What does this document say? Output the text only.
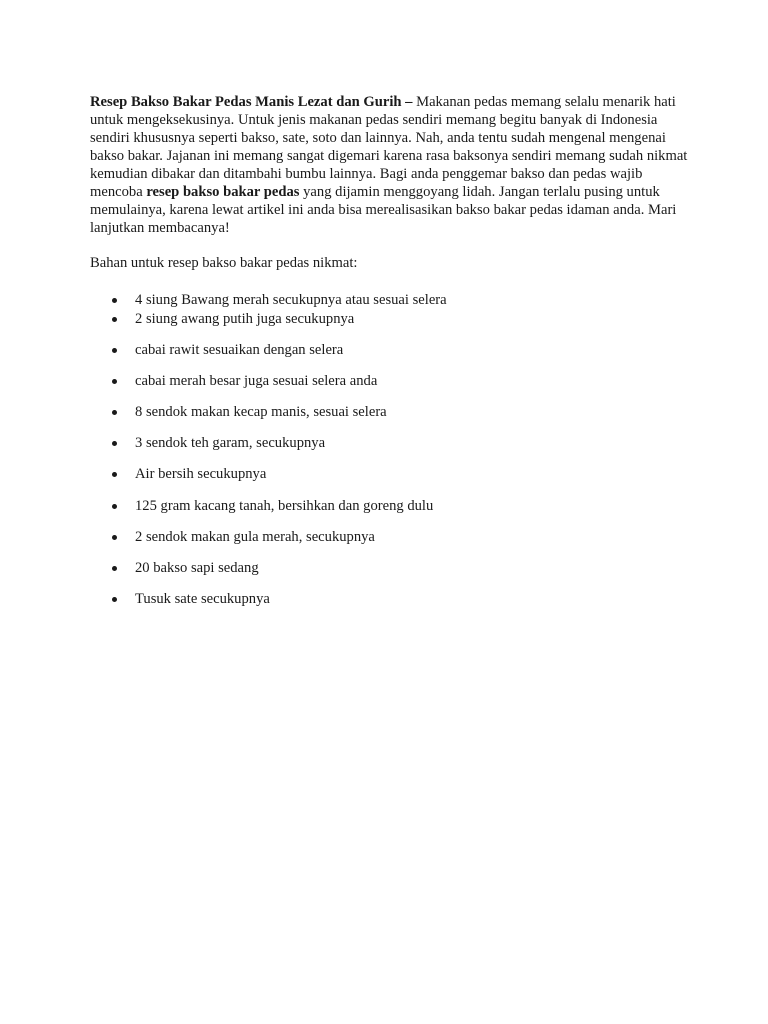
Resep Bakso Bakar Pedas Manis Lezat dan Gurih – Makanan pedas memang selalu menarik hati untuk mengeksekusinya. Untuk jenis makanan pedas sendiri memang begitu banyak di Indonesia sendiri khususnya seperti bakso, sate, soto dan lainnya. Nah, anda tentu sudah mengenal mengenai bakso bakar. Jajanan ini memang sangat digemari karena rasa baksonya sendiri memang sudah nikmat kemudian dibakar dan ditambahi bumbu lainnya. Bagi anda penggemar bakso dan pedas wajib mencoba resep bakso bakar pedas yang dijamin menggoyang lidah. Jangan terlalu pusing untuk memulainya, karena lewat artikel ini anda bisa merealisasikan bakso bakar pedas idaman anda. Mari lanjutkan membacanya!

Bahan untuk resep bakso bakar pedas nikmat:

4 siung Bawang merah secukupnya atau sesuai selera
2 siung awang putih juga secukupnya
cabai rawit sesuaikan dengan selera
cabai merah besar juga sesuai selera anda
8 sendok makan kecap manis, sesuai selera
3 sendok teh garam, secukupnya
Air bersih secukupnya
125 gram kacang tanah, bersihkan dan goreng dulu
2 sendok makan gula merah, secukupnya
20 bakso sapi sedang
Tusuk sate secukupnya
